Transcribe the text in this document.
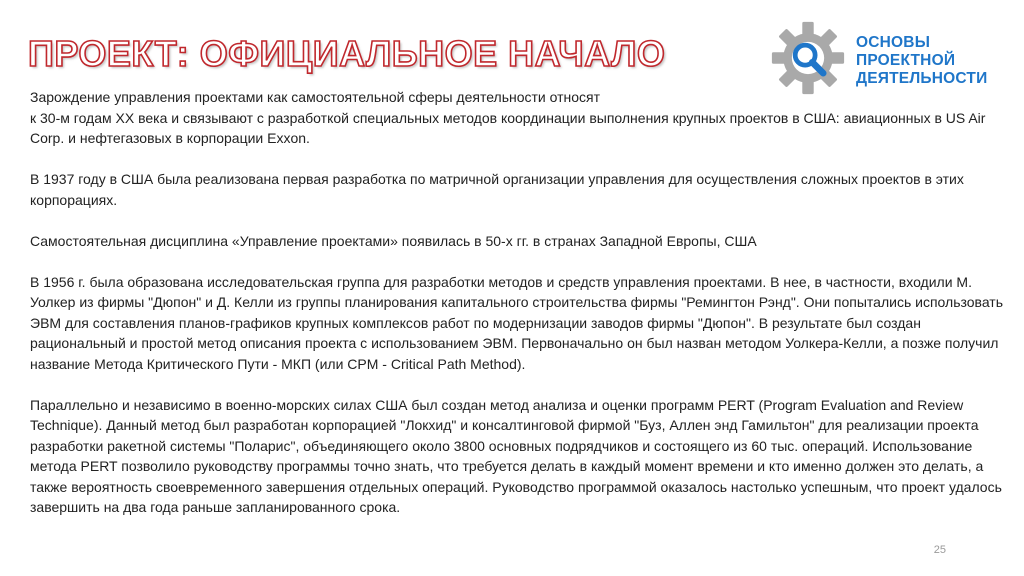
ПРОЕКТ: ОФИЦИАЛЬНОЕ НАЧАЛО	ОСНОВЫ
ПРОЕКТНОЙ
ДЕЯТЕЛЬНОСТИ

Зарождение управления проектами как самостоятельной сферы деятельности относят
к 30-м годам XX века и связывают с разработкой специальных методов координации выполнения крупных проектов в США: авиационных в US Air Corp. и нефтегазовых в корпорации Exxon.

В 1937 году в США была реализована первая разработка по матричной организации управления для осуществления сложных проектов в этих корпорациях.

Самостоятельная дисциплина «Управление проектами» появилась в 50-х гг. в странах Западной Европы, США

В 1956 г. была образована исследовательская группа для разработки методов и средств управления проектами. В нее, в частности, входили М. Уолкер из фирмы "Дюпон" и Д. Келли из группы планирования капитального строительства фирмы "Ремингтон Рэнд". Они попытались использовать ЭВМ для составления планов-графиков крупных комплексов работ по модернизации заводов фирмы "Дюпон". В результате был создан рациональный и простой метод описания проекта с использованием ЭВМ. Первоначально он был назван методом Уолкера-Келли, а позже получил название Метода Критического Пути - МКП (или CPM - Critical Path Method).

Параллельно и независимо в военно-морских силах США был создан метод анализа и оценки программ PERT (Program Evaluation and Review Technique). Данный метод был разработан корпорацией "Локхид" и консалтинговой фирмой "Буз, Аллен энд Гамильтон" для реализации проекта разработки ракетной системы "Поларис", объединяющего около 3800 основных подрядчиков и состоящего из 60 тыс. операций. Использование метода PERT позволило руководству программы точно знать, что требуется делать в каждый момент времени и кто именно должен это делать, а также вероятность своевременного завершения отдельных операций. Руководство программой оказалось настолько успешным, что проект удалось завершить на два года раньше запланированного срока.

25
